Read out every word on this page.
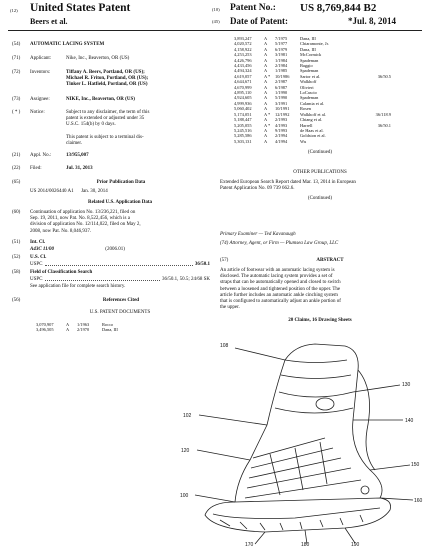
(12) United States Patent
Beers et al.
(10) Patent No.: US 8,769,844 B2
(45) Date of Patent:	*Jul. 8, 2014
(54)	AUTOMATIC LACING SYSTEM
(71)	Applicant:	Nike, Inc., Beaverton, OR (US)
(72)	Inventors:	Tiffany A. Beers, Portland, OR (US);
Michael R. Friton, Portland, OR (US);
Tinker L. Hatfield, Portland, OR (US)
(73)	Assignee:	NIKE, Inc., Beaverton, OR (US)
( * )	Notice:	Subject to any disclaimer, the term of this
patent is extended or adjusted under 35
U.S.C. 154(b) by 0 days.
This patent is subject to a terminal dis-
claimer.
(21)	Appl. No.:	13/955,007
(22)	Filed:	Jul. 31, 2013
(65)	Prior Publication Data
US 2014/0026440 A1      Jan. 30, 2014
Related U.S. Application Data
(60)	Continuation of application No. 13/236,221, filed on
Sep. 19, 2011, now Pat. No. 8,522,456, which is a
division of application No. 12/114,022, filed on May 2,
2008, now Pat. No. 8,046,937.
(51)	Int. Cl.
A43C 11/00	(2006.01)
(52)	U.S. Cl.
USPC	36/50.1
(58)	Field of Classification Search
USPC	36/50.1, 50.5; 24/68 SK
See application file for complete search history.
(56)	References Cited
U.S. PATENT DOCUMENTS
3,070,907	A	1/1963	Rocco
3,496,505	A	2/1970	Dana, III
3,893,247	A	7/1975	Dana, III
4,020,572	A	5/1977	Chiaramonte, Jr.
4,158,922	A	6/1979	Dana, III
4,253,253	A	3/1981	McCormick
4,426,796	A	1/1984	Spademan
4,433,456	A	2/1984	Baggio
4,494,324	A	1/1985	Spademan
4,619,057	A *	10/1986	Sartor et al.	36/50.5
4,644,671	A	2/1987	Walkhoff
4,670,999	A	6/1987	Olivieri
4,895,110	A	1/1990	LoCascio
4,924,605	A	5/1990	Spademan
4,999,936	A	3/1991	Calamia et al.
5,060,402	A	10/1991	Rosen
5,174,051	A *	12/1992	Walkhoff et al.	36/118.9
5,188,447	A	2/1993	Chiang et al.
5,205,055	A *	4/1993	Harrell	36/50.1
5,245,516	A	9/1993	de Haas et al.
5,285,586	A	2/1994	Goldston et al.
5,303,131	A	4/1994	Wu
(Continued)
OTHER PUBLICATIONS
Extended European Search Report dated Mar. 13, 2014 in European
Patent Application No. 09 739 662.6.
(Continued)
Primary Examiner — Ted Kavanaugh
(74) Attorney, Agent, or Firm — Plumsea Law Group, LLC
(57)	ABSTRACT
An article of footwear with an automatic lacing system is
disclosed. The automatic lacing system provides a set of
straps that can be automatically opened and closed to switch
between a loosened and tightened position of the upper. The
article further includes an automatic ankle cinching system
that is configured to automatically adjust an ankle portion of
the upper.
20 Claims, 16 Drawing Sheets
100
120
102
108
130
140
150
160
170	180	190
